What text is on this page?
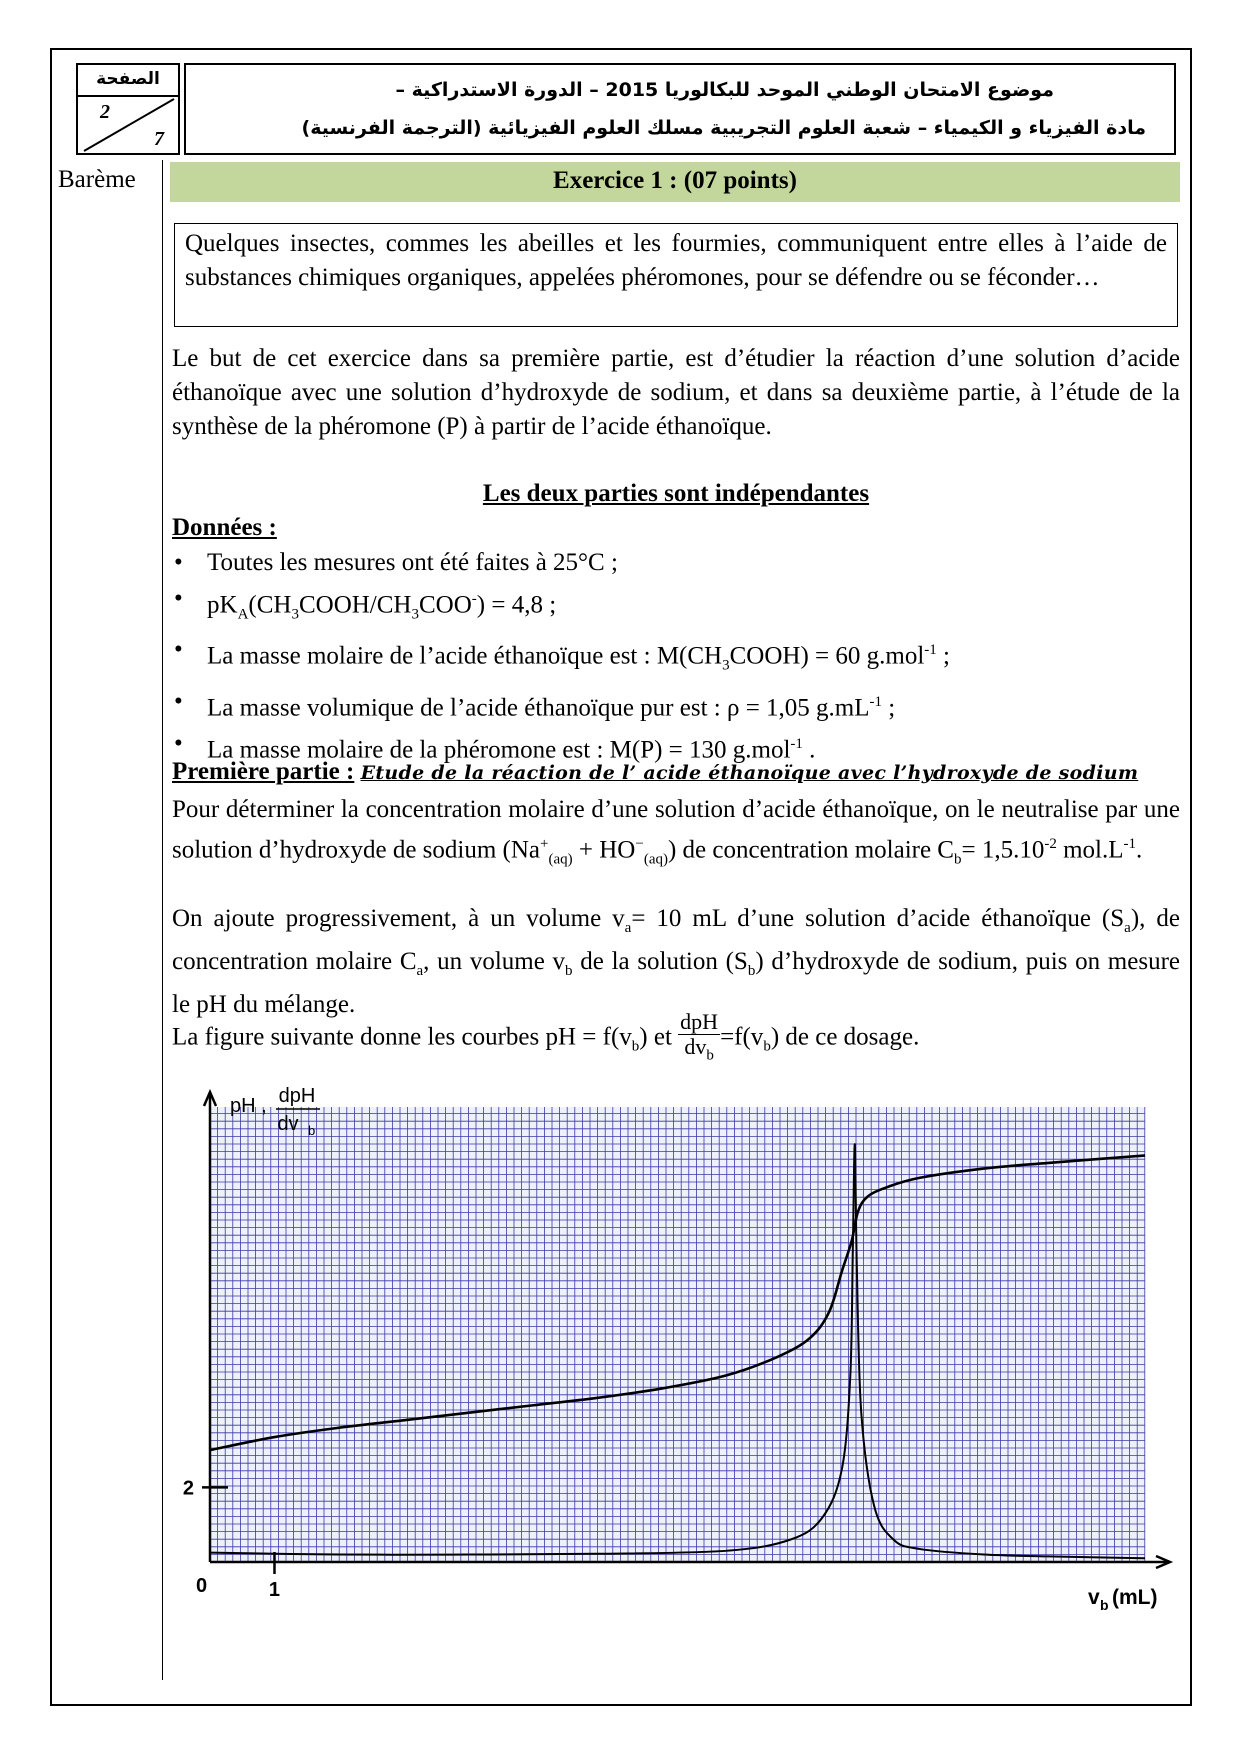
الصفحة
2
7
موضوع الامتحان الوطني الموحد للبكالوريا 2015 – الدورة الاستدراكية –
مادة الفيزياء و الكيمياء – شعبة العلوم التجريبية مسلك العلوم الفيزيائية (الترجمة الفرنسية)
Barème	Exercice 1 : (07 points)
Quelques insectes, commes les abeilles et les fourmies, communiquent entre elles à l’aide de substances chimiques organiques, appelées phéromones, pour se défendre ou se féconder…
Le but de cet exercice dans sa première partie, est d’étudier la réaction d’une solution d’acide éthanoïque avec une solution d’hydroxyde de sodium, et dans sa deuxième partie, à l’étude de la synthèse de la phéromone (P) à partir de l’acide éthanoïque.
Les deux parties sont indépendantes
Données :
• Toutes les mesures ont été faites à 25°C ;
• $pK_A(CH_3COOH/CH_3COO^-) = 4,8$ ;
• La masse molaire de l’acide éthanoïque est : $M(CH_3COOH) = 60$ g.mol$^{-1}$ ;
• La masse volumique de l’acide éthanoïque pur est : ρ = 1,05 $g.mL^{-1}$ ;
• La masse molaire de la phéromone est : M(P) = 130 g.mol$^{-1}$ .
Première partie : Etude de la réaction de l’ acide éthanoïque avec l’hydroxyde de sodium
Pour déterminer la concentration molaire d’une solution d’acide éthanoïque, on le neutralise par une solution d’hydroxyde de sodium $(Na^+_{(aq)} + HO^-_{(aq)})$ de concentration molaire $C_b= 1,5.10^{-2}$ $mol.L^{-1}$.
On ajoute progressivement, à un volume $v_a= 10$ mL d’une solution d’acide éthanoïque $(S_a)$, de concentration molaire $C_a$, un volume $v_b$ de la solution $(S_b)$ d’hydroxyde de sodium, puis on mesure le pH du mélange.
La figure suivante donne les courbes pH = $f(v_b)$ et $\frac{\text{dpH}}{dv_b} =f(v_b)$ de ce dosage.
0	1
2
pH , dpH
dv b
v b (mL)
